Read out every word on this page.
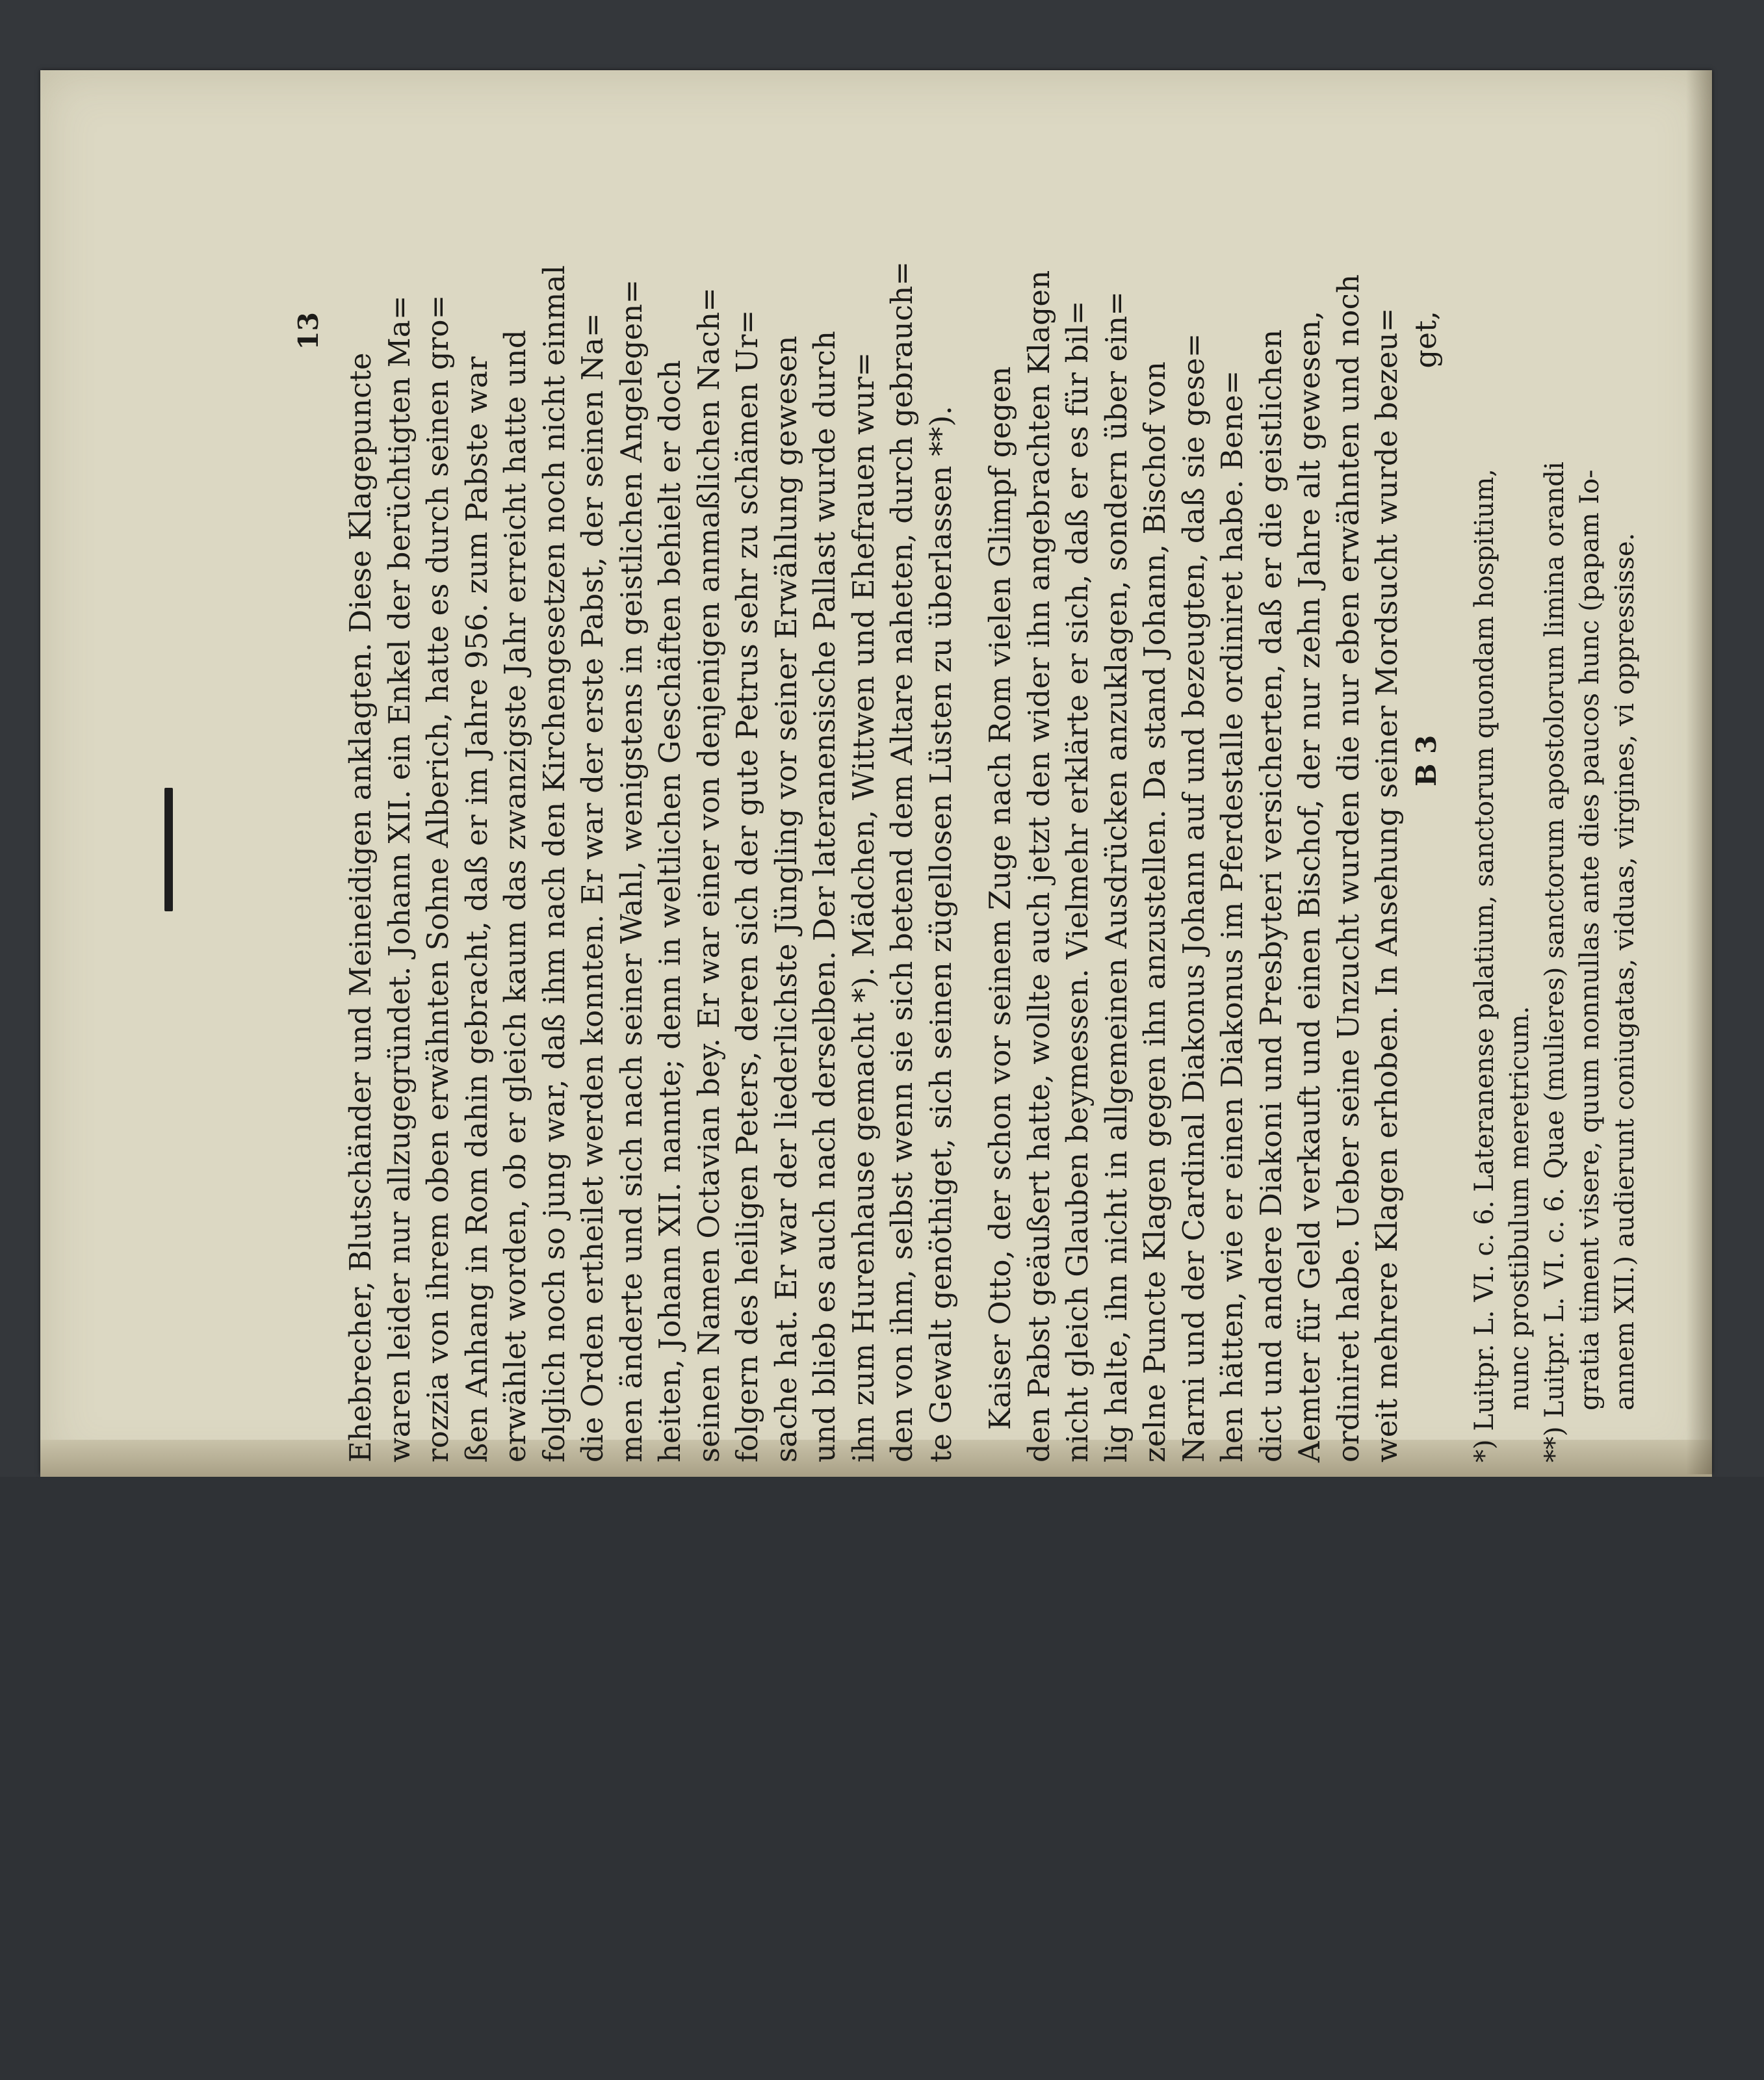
13
Ehebrecher, Blutschänder und Meineidigen anklagten. Diese Klagepuncte waren leider nur allzugegründet. Johann XII. ein Enkel der berüchtigten Ma= rozzia von ihrem oben erwähnten Sohne Alberich, hatte es durch seinen gro= ßen Anhang in Rom dahin gebracht, daß er im Jahre 956. zum Pabste war erwählet worden, ob er gleich kaum das zwanzigste Jahr erreicht hatte und folglich noch so jung war, daß ihm nach den Kirchengesetzen noch nicht einmal die Orden ertheilet werden konnten. Er war der erste Pabst, der seinen Na= men änderte und sich nach seiner Wahl, wenigstens in geistlichen Angelegen= heiten, Johann XII. nannte; denn in weltlichen Geschäften behielt er doch seinen Namen Octavian bey. Er war einer von denjenigen anmaßlichen Nach= folgern des heiligen Peters, deren sich der gute Petrus sehr zu schämen Ur= sache hat. Er war der liederlichste Jüngling vor seiner Erwählung gewesen und blieb es auch nach derselben. Der lateranensische Pallast wurde durch ihn zum Hurenhause gemacht *). Mädchen, Wittwen und Ehefrauen wur= den von ihm, selbst wenn sie sich betend dem Altare naheten, durch gebrauch= te Gewalt genöthiget, sich seinen zügellosen Lüsten zu überlassen **). Kaiser Otto, der schon vor seinem Zuge nach Rom vielen Glimpf gegen den Pabst geäußert hatte, wollte auch jetzt den wider ihn angebrachten Klagen nicht gleich Glauben beymessen. Vielmehr erklärte er sich, daß er es für bil= lig halte, ihn nicht in allgemeinen Ausdrücken anzuklagen, sondern über ein= zelne Puncte Klagen gegen ihn anzustellen. Da stand Johann, Bischof von Narni und der Cardinal Diakonus Johann auf und bezeugten, daß sie gese= hen hätten, wie er einen Diakonus im Pferdestalle ordiniret habe. Bene= dict und andere Diakoni und Presbyteri versicherten, daß er die geistlichen Aemter für Geld verkauft und einen Bischof, der nur zehn Jahre alt gewesen, ordiniret habe. Ueber seine Unzucht wurden die nur eben erwähnten und noch weit mehrere Klagen erhoben. In Ansehung seiner Mordsucht wurde bezeu= B 3
get,
*) Luitpr. L. VI. c. 6. Lateranense palatium, sanctorum quondam hospitium, nunc prostibulum meretricum.
**) Luitpr. L. VI. c. 6. Quae (mulieres) sanctorum apostolorum limina orandi gratia timent visere, quum nonnullas ante dies paucos hunc (papam Io- annem XII.) audierunt coniugatas, viduas, virgines, vi oppressisse.
